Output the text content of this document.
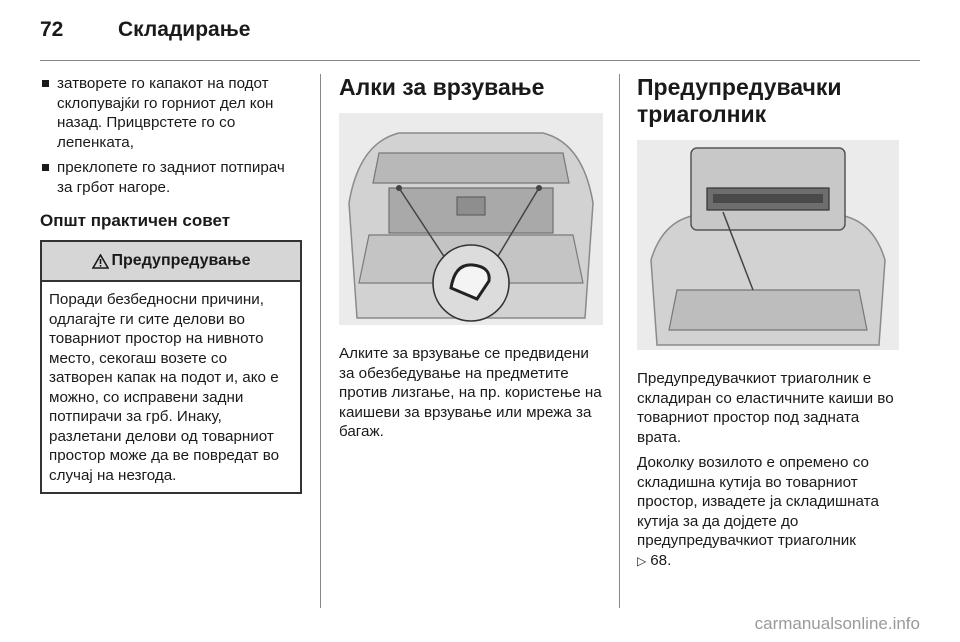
72	Складирање
затворете го капакот на подот склопувајќи го горниот дел кон назад. Прицврстете го со лепенката,
преклопете го задниот потпирач за грбот нагоре.
Општ практичен совет
Предупредување
Поради безбедносни причини, одлагајте ги сите делови во товарниот простор на нивното место, секогаш возете со затворен капак на подот и, ако е можно, со исправени задни потпирачи за грб. Инаку, разлетани делови од товарниот простор може да ве повредат во случај на незгода.
Алки за врзување

Алките за врзување се предвидени за обезбедување на предметите против лизгање, на пр. користење на каишеви за врзување или мрежа за багаж.

Предупредувачки триаголник

Предупредувачкиот триаголник е складиран со еластичните каиши во товарниот простор под задната врата.

Доколку возилото е опремено со складишна кутија во товарниот простор, извадете ја складишната кутија за да дојдете до предупредувачкиот триаголник
▷ 68.

carmanualsonline.info
